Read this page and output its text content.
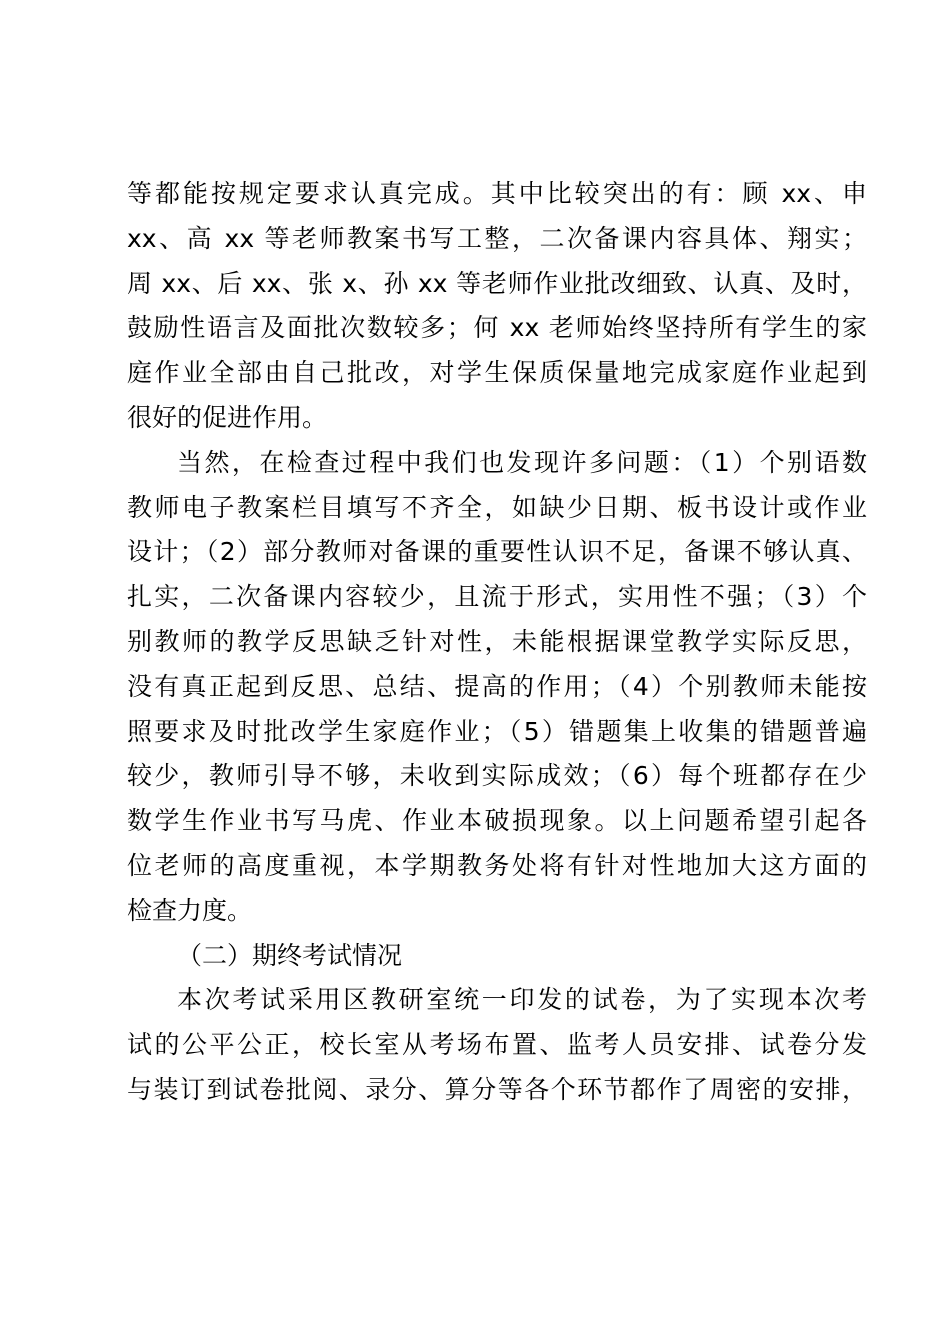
等都能按规定要求认真完成。其中比较突出的有：顾 xx、申
xx、高 xx 等老师教案书写工整，二次备课内容具体、翔实；
周 xx、后 xx、张 x、孙 xx 等老师作业批改细致、认真、及时，
鼓励性语言及面批次数较多；何 xx 老师始终坚持所有学生的家
庭作业全部由自己批改，对学生保质保量地完成家庭作业起到
很好的促进作用。
当然，在检查过程中我们也发现许多问题：（1）个别语数
教师电子教案栏目填写不齐全，如缺少日期、板书设计或作业
设计；（2）部分教师对备课的重要性认识不足，备课不够认真、
扎实，二次备课内容较少，且流于形式，实用性不强；（3）个
别教师的教学反思缺乏针对性，未能根据课堂教学实际反思，
没有真正起到反思、总结、提高的作用；（4）个别教师未能按
照要求及时批改学生家庭作业；（5）错题集上收集的错题普遍
较少，教师引导不够，未收到实际成效；（6）每个班都存在少
数学生作业书写马虎、作业本破损现象。以上问题希望引起各
位老师的高度重视，本学期教务处将有针对性地加大这方面的
检查力度。
（二）期终考试情况
本次考试采用区教研室统一印发的试卷，为了实现本次考
试的公平公正，校长室从考场布置、监考人员安排、试卷分发
与装订到试卷批阅、录分、算分等各个环节都作了周密的安排，
